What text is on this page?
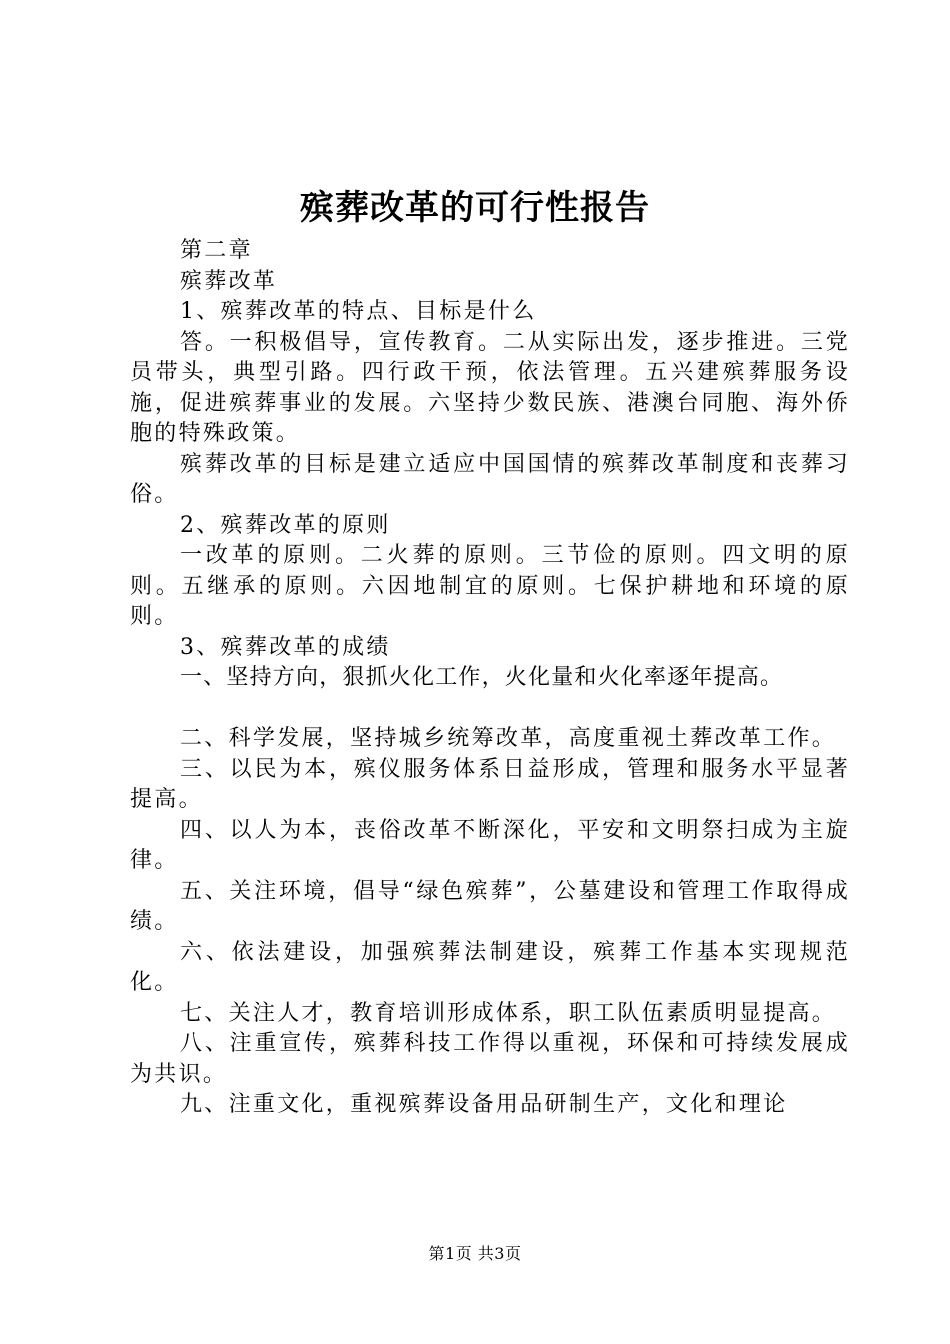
殡葬改革的可行性报告

第二章

殡葬改革

1、殡葬改革的特点、目标是什么

答。一积极倡导，宣传教育。二从实际出发，逐步推进。三党员带头，典型引路。四行政干预，依法管理。五兴建殡葬服务设施，促进殡葬事业的发展。六坚持少数民族、港澳台同胞、海外侨胞的特殊政策。

殡葬改革的目标是建立适应中国国情的殡葬改革制度和丧葬习俗。

2、殡葬改革的原则

一改革的原则。二火葬的原则。三节俭的原则。四文明的原则。五继承的原则。六因地制宜的原则。七保护耕地和环境的原则。

3、殡葬改革的成绩

一、坚持方向，狠抓火化工作，火化量和火化率逐年提高。

二、科学发展，坚持城乡统筹改革，高度重视土葬改革工作。

三、以民为本，殡仪服务体系日益形成，管理和服务水平显著提高。

四、以人为本，丧俗改革不断深化，平安和文明祭扫成为主旋律。

五、关注环境，倡导“绿色殡葬”，公墓建设和管理工作取得成绩。

六、依法建设，加强殡葬法制建设，殡葬工作基本实现规范化。

七、关注人才，教育培训形成体系，职工队伍素质明显提高。

八、注重宣传，殡葬科技工作得以重视，环保和可持续发展成为共识。

九、注重文化，重视殡葬设备用品研制生产，文化和理论

第1页 共3页
